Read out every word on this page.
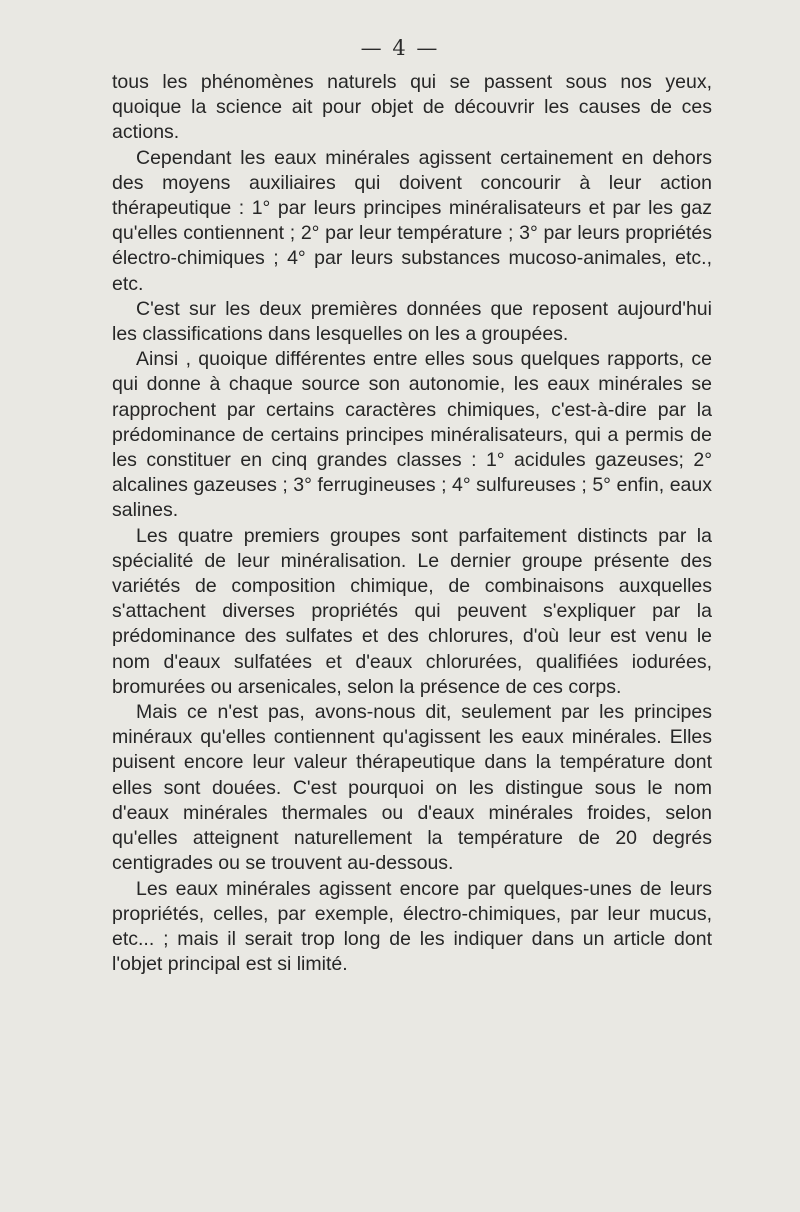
— 4 —

tous les phénomènes naturels qui se passent sous nos yeux, quoique la science ait pour objet de découvrir les causes de ces actions.

Cependant les eaux minérales agissent certainement en dehors des moyens auxiliaires qui doivent concourir à leur action thérapeutique : 1° par leurs principes minéralisateurs et par les gaz qu'elles contiennent ; 2° par leur température ; 3° par leurs propriétés électro-chimiques ; 4° par leurs substances mucoso-animales, etc., etc.

C'est sur les deux premières données que reposent aujourd'hui les classifications dans lesquelles on les a groupées.

Ainsi , quoique différentes entre elles sous quelques rapports, ce qui donne à chaque source son autonomie, les eaux minérales se rapprochent par certains caractères chimiques, c'est-à-dire par la prédominance de certains principes minéralisateurs, qui a permis de les constituer en cinq grandes classes : 1° acidules gazeuses; 2° alcalines gazeuses ; 3° ferrugineuses ; 4° sulfureuses ; 5° enfin, eaux salines.

Les quatre premiers groupes sont parfaitement distincts par la spécialité de leur minéralisation. Le dernier groupe présente des variétés de composition chimique, de combinaisons auxquelles s'attachent diverses propriétés qui peuvent s'expliquer par la prédominance des sulfates et des chlorures, d'où leur est venu le nom d'eaux sulfatées et d'eaux chlorurées, qualifiées iodurées, bromurées ou arsenicales, selon la présence de ces corps.

Mais ce n'est pas, avons-nous dit, seulement par les principes minéraux qu'elles contiennent qu'agissent les eaux minérales. Elles puisent encore leur valeur thérapeutique dans la température dont elles sont douées. C'est pourquoi on les distingue sous le nom d'eaux minérales thermales ou d'eaux minérales froides, selon qu'elles atteignent naturellement la température de 20 degrés centigrades ou se trouvent au-dessous.

Les eaux minérales agissent encore par quelques-unes de leurs propriétés, celles, par exemple, électro-chimiques, par leur mucus, etc... ; mais il serait trop long de les indiquer dans un article dont l'objet principal est si limité.
